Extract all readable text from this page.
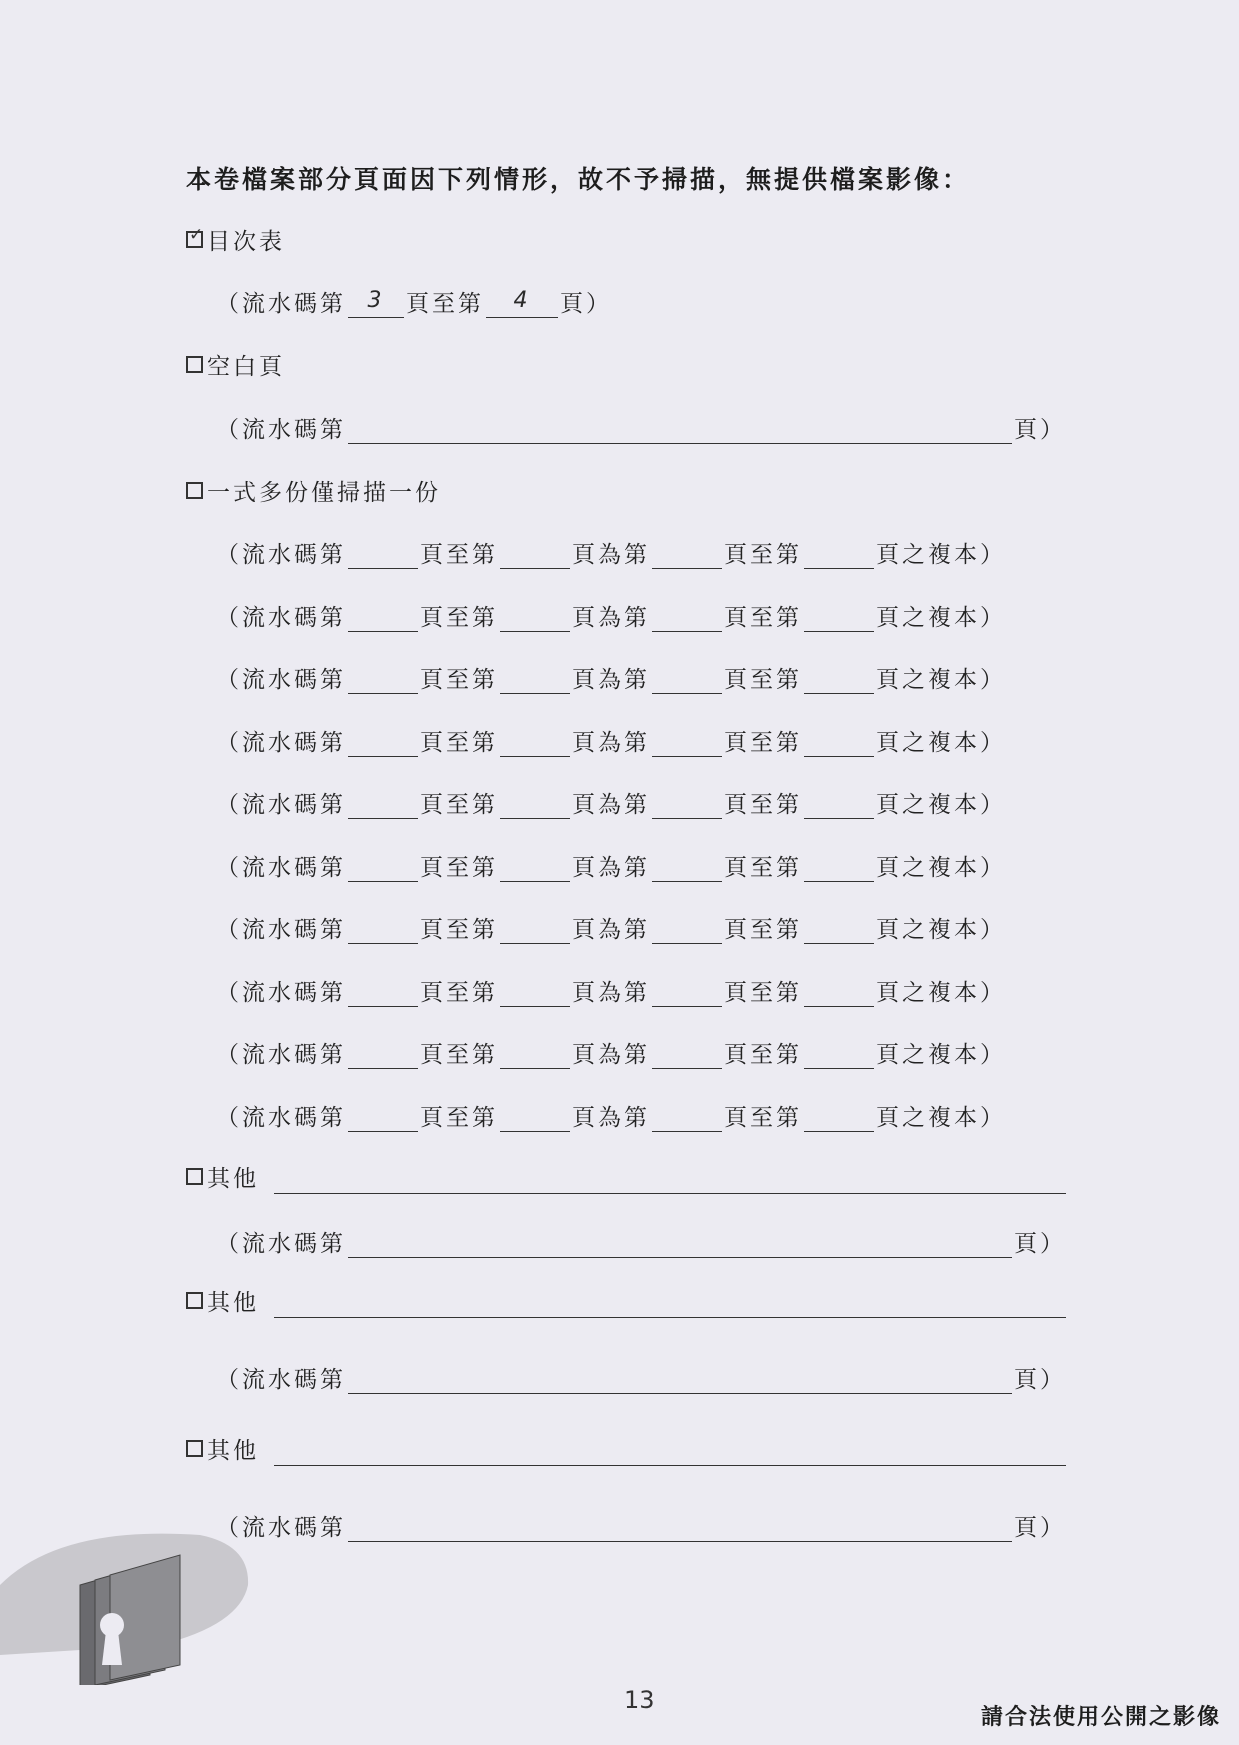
本卷檔案部分頁面因下列情形，故不予掃描，無提供檔案影像：
✓ 目次表
（流水碼第 3 頁至第	4	頁）
空白頁
（流水碼第	頁）
一式多份僅掃描一份
（流水碼第	頁至第	頁為第	頁至第	頁之複本）
（流水碼第	頁至第	頁為第	頁至第	頁之複本）
（流水碼第	頁至第	頁為第	頁至第	頁之複本）
（流水碼第	頁至第	頁為第	頁至第	頁之複本）
（流水碼第	頁至第	頁為第	頁至第	頁之複本）
（流水碼第	頁至第	頁為第	頁至第	頁之複本）
（流水碼第	頁至第	頁為第	頁至第	頁之複本）
（流水碼第	頁至第	頁為第	頁至第	頁之複本）
（流水碼第	頁至第	頁為第	頁至第	頁之複本）
（流水碼第	頁至第	頁為第	頁至第	頁之複本）
其他
（流水碼第	頁）
其他
（流水碼第	頁）
其他
（流水碼第	頁）
13
請合法使用公開之影像
